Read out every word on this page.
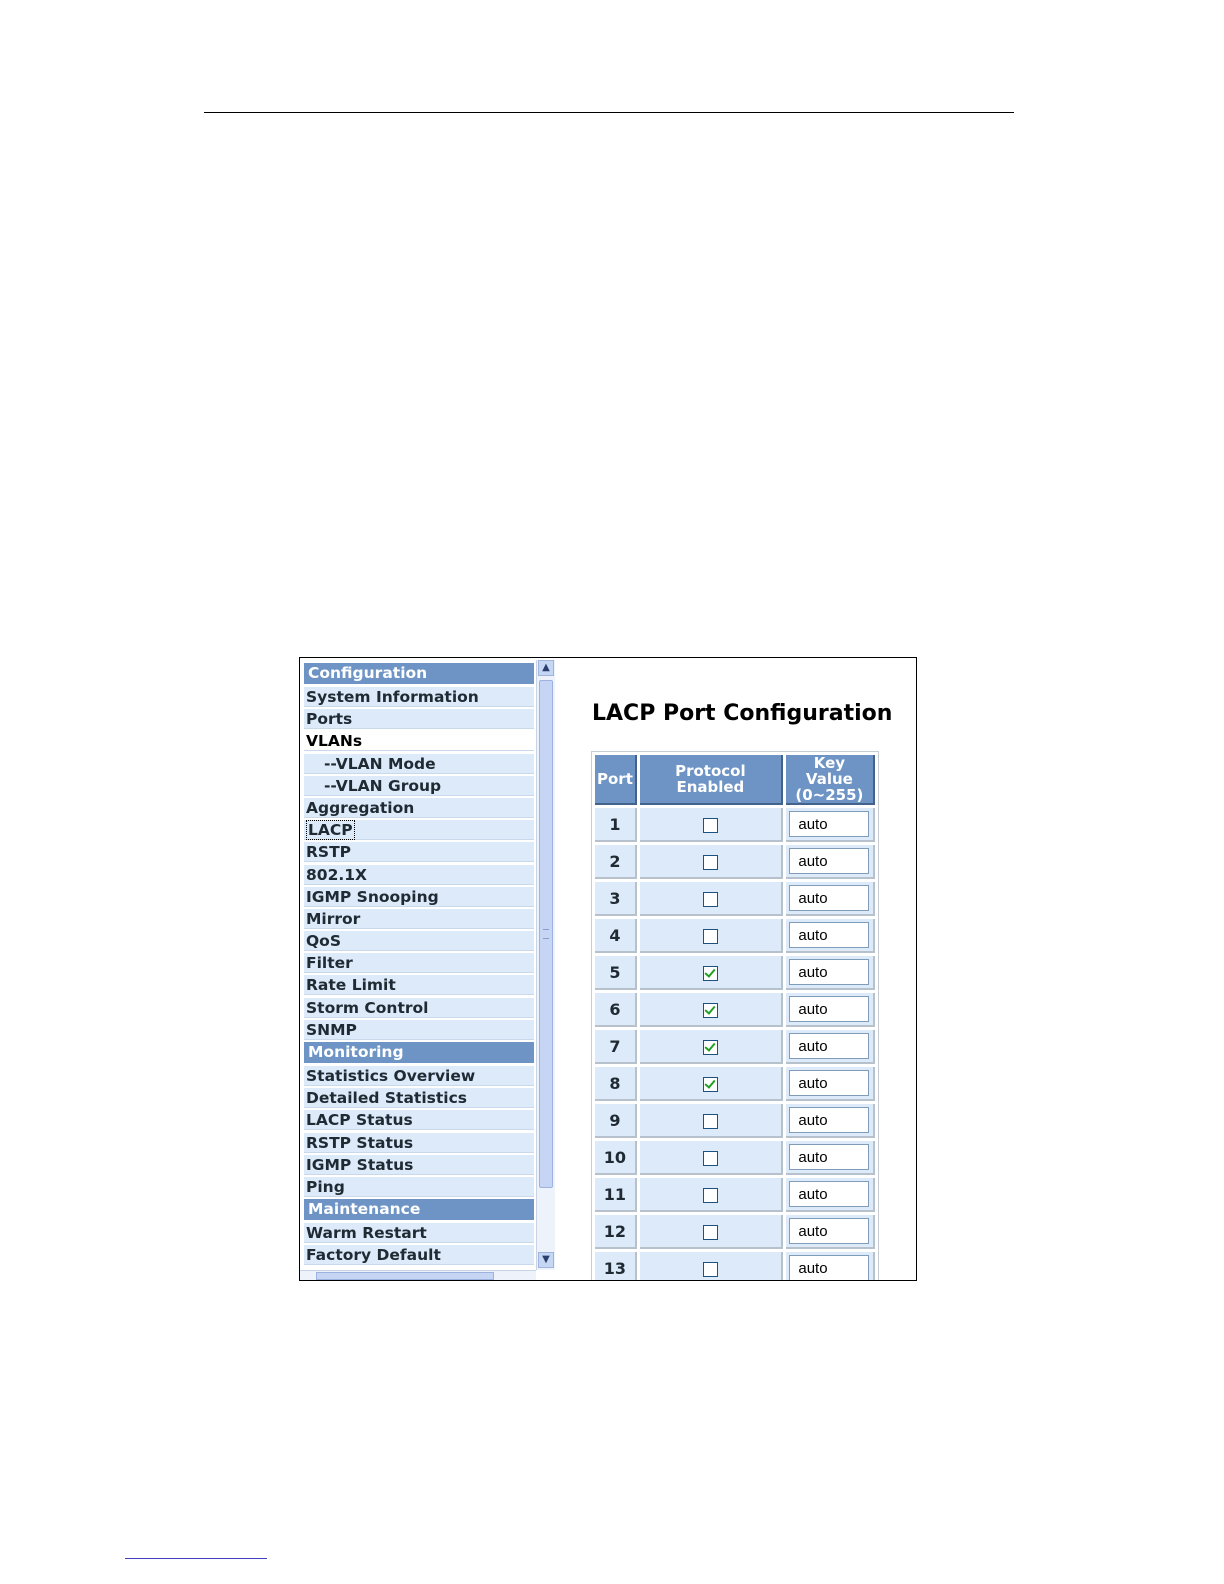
Configuration
System Information
Ports
VLANs
--VLAN Mode
--VLAN Group
Aggregation
LACP
RSTP
802.1X
IGMP Snooping
Mirror
QoS
Filter
Rate Limit
Storm Control
SNMP
Monitoring
Statistics Overview
Detailed Statistics
LACP Status
RSTP Status
IGMP Status
Ping
Maintenance
Warm Restart
Factory Default
▲
▼
LACP Port Configuration
Port	Protocol Enabled	Key Value
(0~255)
1		auto
2		auto
3		auto
4		auto
5		auto
6		auto
7		auto
8		auto
9		auto
10		auto
11		auto
12		auto
13		auto
